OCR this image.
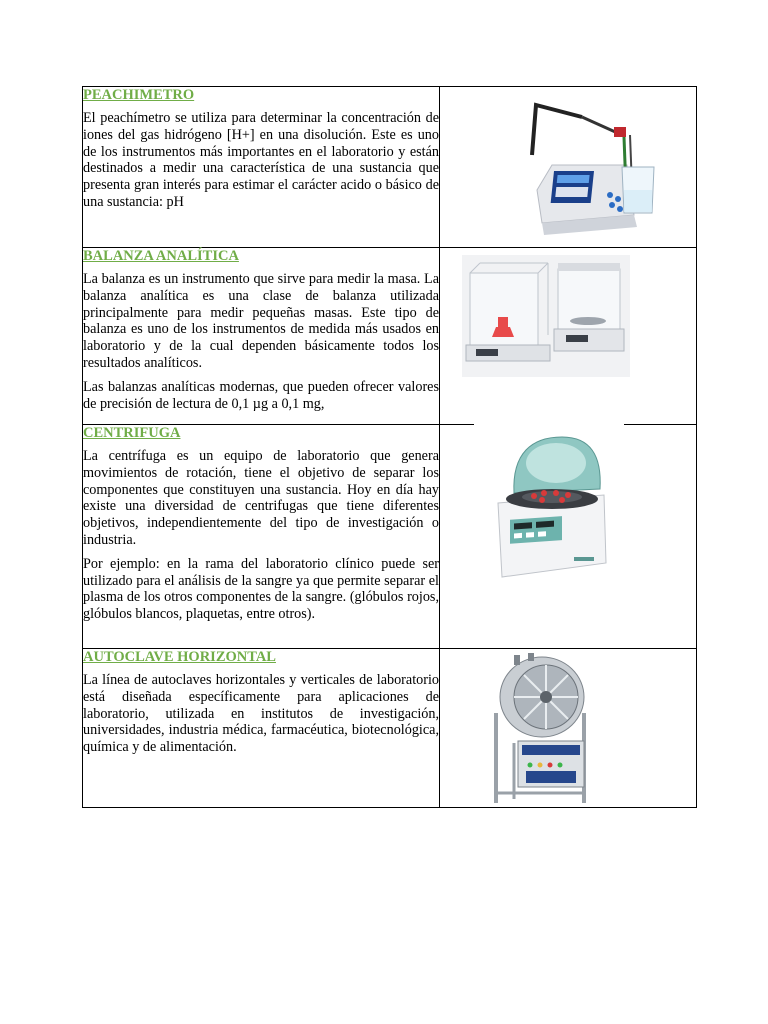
PEACHIMETRO

El peachímetro se utiliza para determinar la concentración de iones del gas hidrógeno [H+] en una disolución. Este es uno de los instrumentos más importantes en el laboratorio y están destinados a medir una característica de una sustancia que presenta gran interés para estimar el carácter acido o básico de una sustancia: pH

BALANZA ANALÍTICA

La balanza es un instrumento que sirve para medir la masa. La balanza analítica es una clase de balanza utilizada principalmente para medir pequeñas masas. Este tipo de balanza es uno de los instrumentos de medida más usados en laboratorio y de la cual dependen básicamente todos los resultados analíticos.

Las balanzas analíticas modernas, que pueden ofrecer valores de precisión de lectura de 0,1 µg a 0,1 mg,

CENTRIFUGA

La centrífuga es un equipo de laboratorio que genera movimientos de rotación, tiene el objetivo de separar los componentes que constituyen una sustancia. Hoy en día hay existe una diversidad de centrifugas que tiene diferentes objetivos, independientemente del tipo de investigación o industria.

Por ejemplo: en la rama del laboratorio clínico puede ser utilizado para el análisis de la sangre ya que permite separar el plasma de los otros componentes de la sangre. (glóbulos rojos, glóbulos blancos, plaquetas, entre otros).

AUTOCLAVE HORIZONTAL

La línea de autoclaves horizontales y verticales de laboratorio está diseñada específicamente para aplicaciones de laboratorio, utilizada en institutos de investigación, universidades, industria médica, farmacéutica, biotecnológica, química y de alimentación.
